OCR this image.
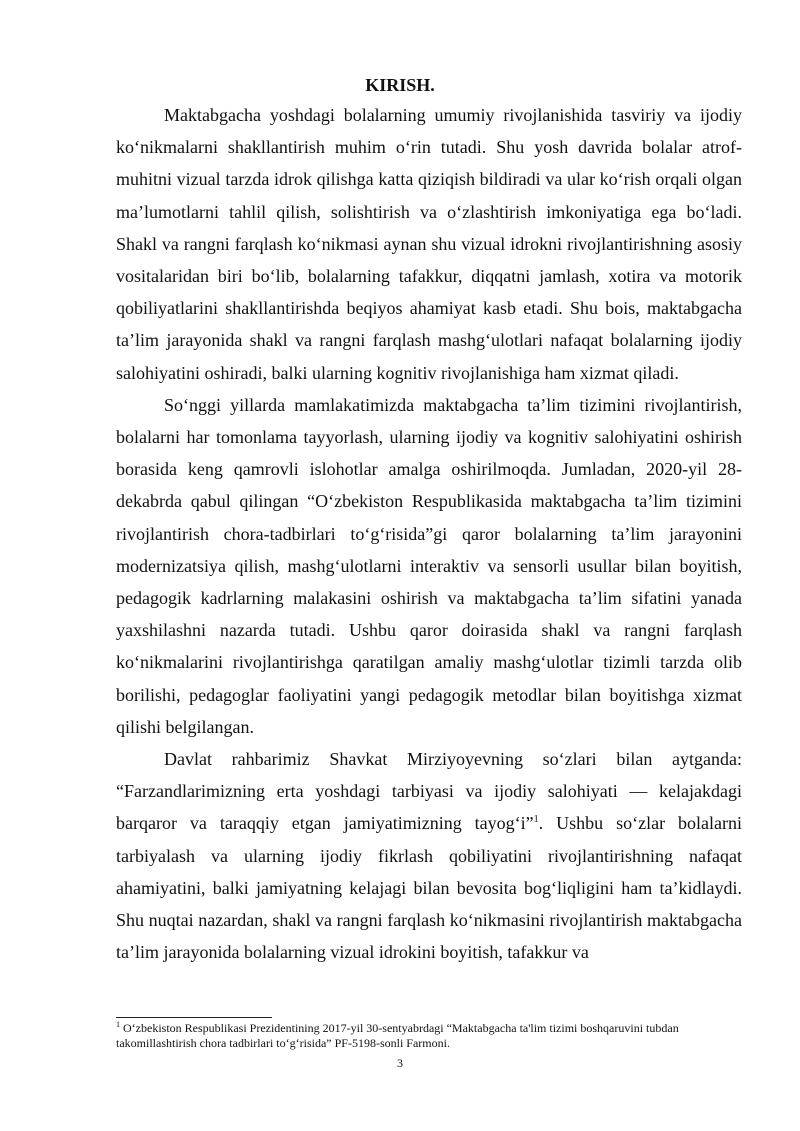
KIRISH.

Maktabgacha yoshdagi bolalarning umumiy rivojlanishida tasviriy va ijodiy koʻnikmalarni shakllantirish muhim oʻrin tutadi. Shu yosh davrida bolalar atrof-muhitni vizual tarzda idrok qilishga katta qiziqish bildiradi va ular koʻrish orqali olgan maʼlumotlarni tahlil qilish, solishtirish va oʻzlashtirish imkoniyatiga ega boʻladi. Shakl va rangni farqlash koʻnikmasi aynan shu vizual idrokni rivojlantirishning asosiy vositalaridan biri boʻlib, bolalarning tafakkur, diqqatni jamlash, xotira va motorik qobiliyatlarini shakllantirishda beqiyos ahamiyat kasb etadi. Shu bois, maktabgacha taʼlim jarayonida shakl va rangni farqlash mashgʻulotlari nafaqat bolalarning ijodiy salohiyatini oshiradi, balki ularning kognitiv rivojlanishiga ham xizmat qiladi.

Soʻnggi yillarda mamlakatimizda maktabgacha taʼlim tizimini rivojlantirish, bolalarni har tomonlama tayyorlash, ularning ijodiy va kognitiv salohiyatini oshirish borasida keng qamrovli islohotlar amalga oshirilmoqda. Jumladan, 2020-yil 28-dekabrda qabul qilingan “Oʻzbekiston Respublikasida maktabgacha taʼlim tizimini rivojlantirish chora-tadbirlari toʻgʻrisida”gi qaror bolalarning taʼlim jarayonini modernizatsiya qilish, mashgʻulotlarni interaktiv va sensorli usullar bilan boyitish, pedagogik kadrlarning malakasini oshirish va maktabgacha taʼlim sifatini yanada yaxshilashni nazarda tutadi. Ushbu qaror doirasida shakl va rangni farqlash koʻnikmalarini rivojlantirishga qaratilgan amaliy mashgʻulotlar tizimli tarzda olib borilishi, pedagoglar faoliyatini yangi pedagogik metodlar bilan boyitishga xizmat qilishi belgilangan.

Davlat rahbarimiz Shavkat Mirziyoyevning soʻzlari bilan aytganda: “Farzandlarimizning erta yoshdagi tarbiyasi va ijodiy salohiyati — kelajakdagi barqaror va taraqqiy etgan jamiyatimizning tayogʻi”$^1$. Ushbu soʻzlar bolalarni tarbiyalash va ularning ijodiy fikrlash qobiliyatini rivojlantirishning nafaqat ahamiyatini, balki jamiyatning kelajagi bilan bevosita bogʻliqligini ham taʼkidlaydi. Shu nuqtai nazardan, shakl va rangni farqlash koʻnikmasini rivojlantirish maktabgacha taʼlim jarayonida bolalarning vizual idrokini boyitish, tafakkur va

$^1$ Oʻzbekiston Respublikasi Prezidentining 2017-yil 30-sentyabrdagi “Maktabgacha ta'lim tizimi boshqaruvini tubdan takomillashtirish chora tadbirlari toʻgʻrisida” PF-5198-sonli Farmoni.
3
